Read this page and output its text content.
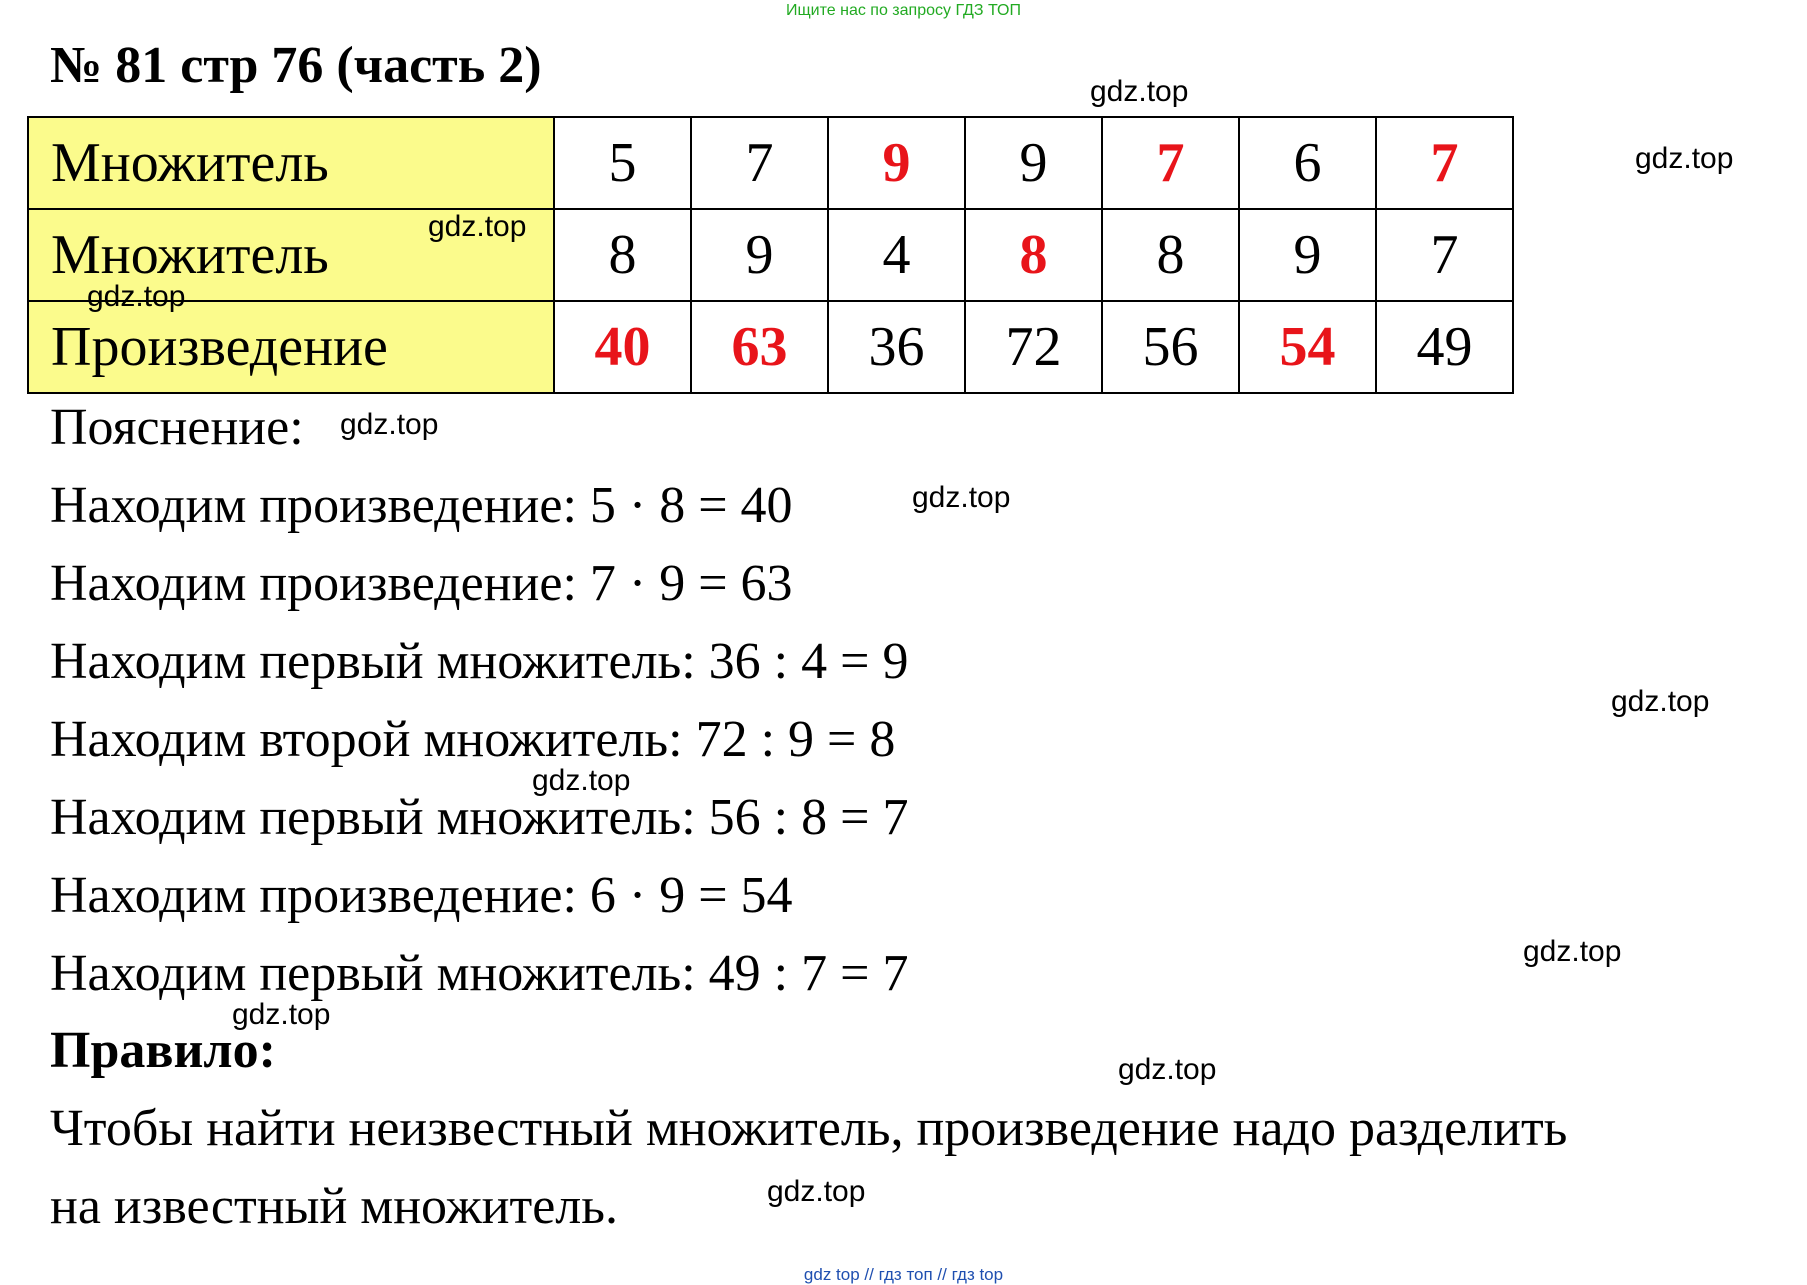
Ищите нас по запросу ГДЗ ТОП
№ 81 стр 76 (часть 2)
Множитель	5	7	9	9	7	6	7
Множитель	8	9	4	8	8	9	7
Произведение	40	63	36	72	56	54	49
Пояснение:
Находим произведение: 5 · 8 = 40
Находим произведение: 7 · 9 = 63
Находим первый множитель: 36 : 4 = 9
Находим второй множитель: 72 : 9 = 8
Находим первый множитель: 56 : 8 = 7
Находим произведение: 6 · 9 = 54
Находим первый множитель: 49 : 7 = 7
Правило:
Чтобы найти неизвестный множитель, произведение надо разделить
на известный множитель.
gdz.top
gdz.top
gdz.top
gdz.top
gdz.top
gdz.top
gdz.top
gdz.top
gdz.top
gdz.top
gdz.top
gdz.top
gdz top // гдз топ // гдз top
